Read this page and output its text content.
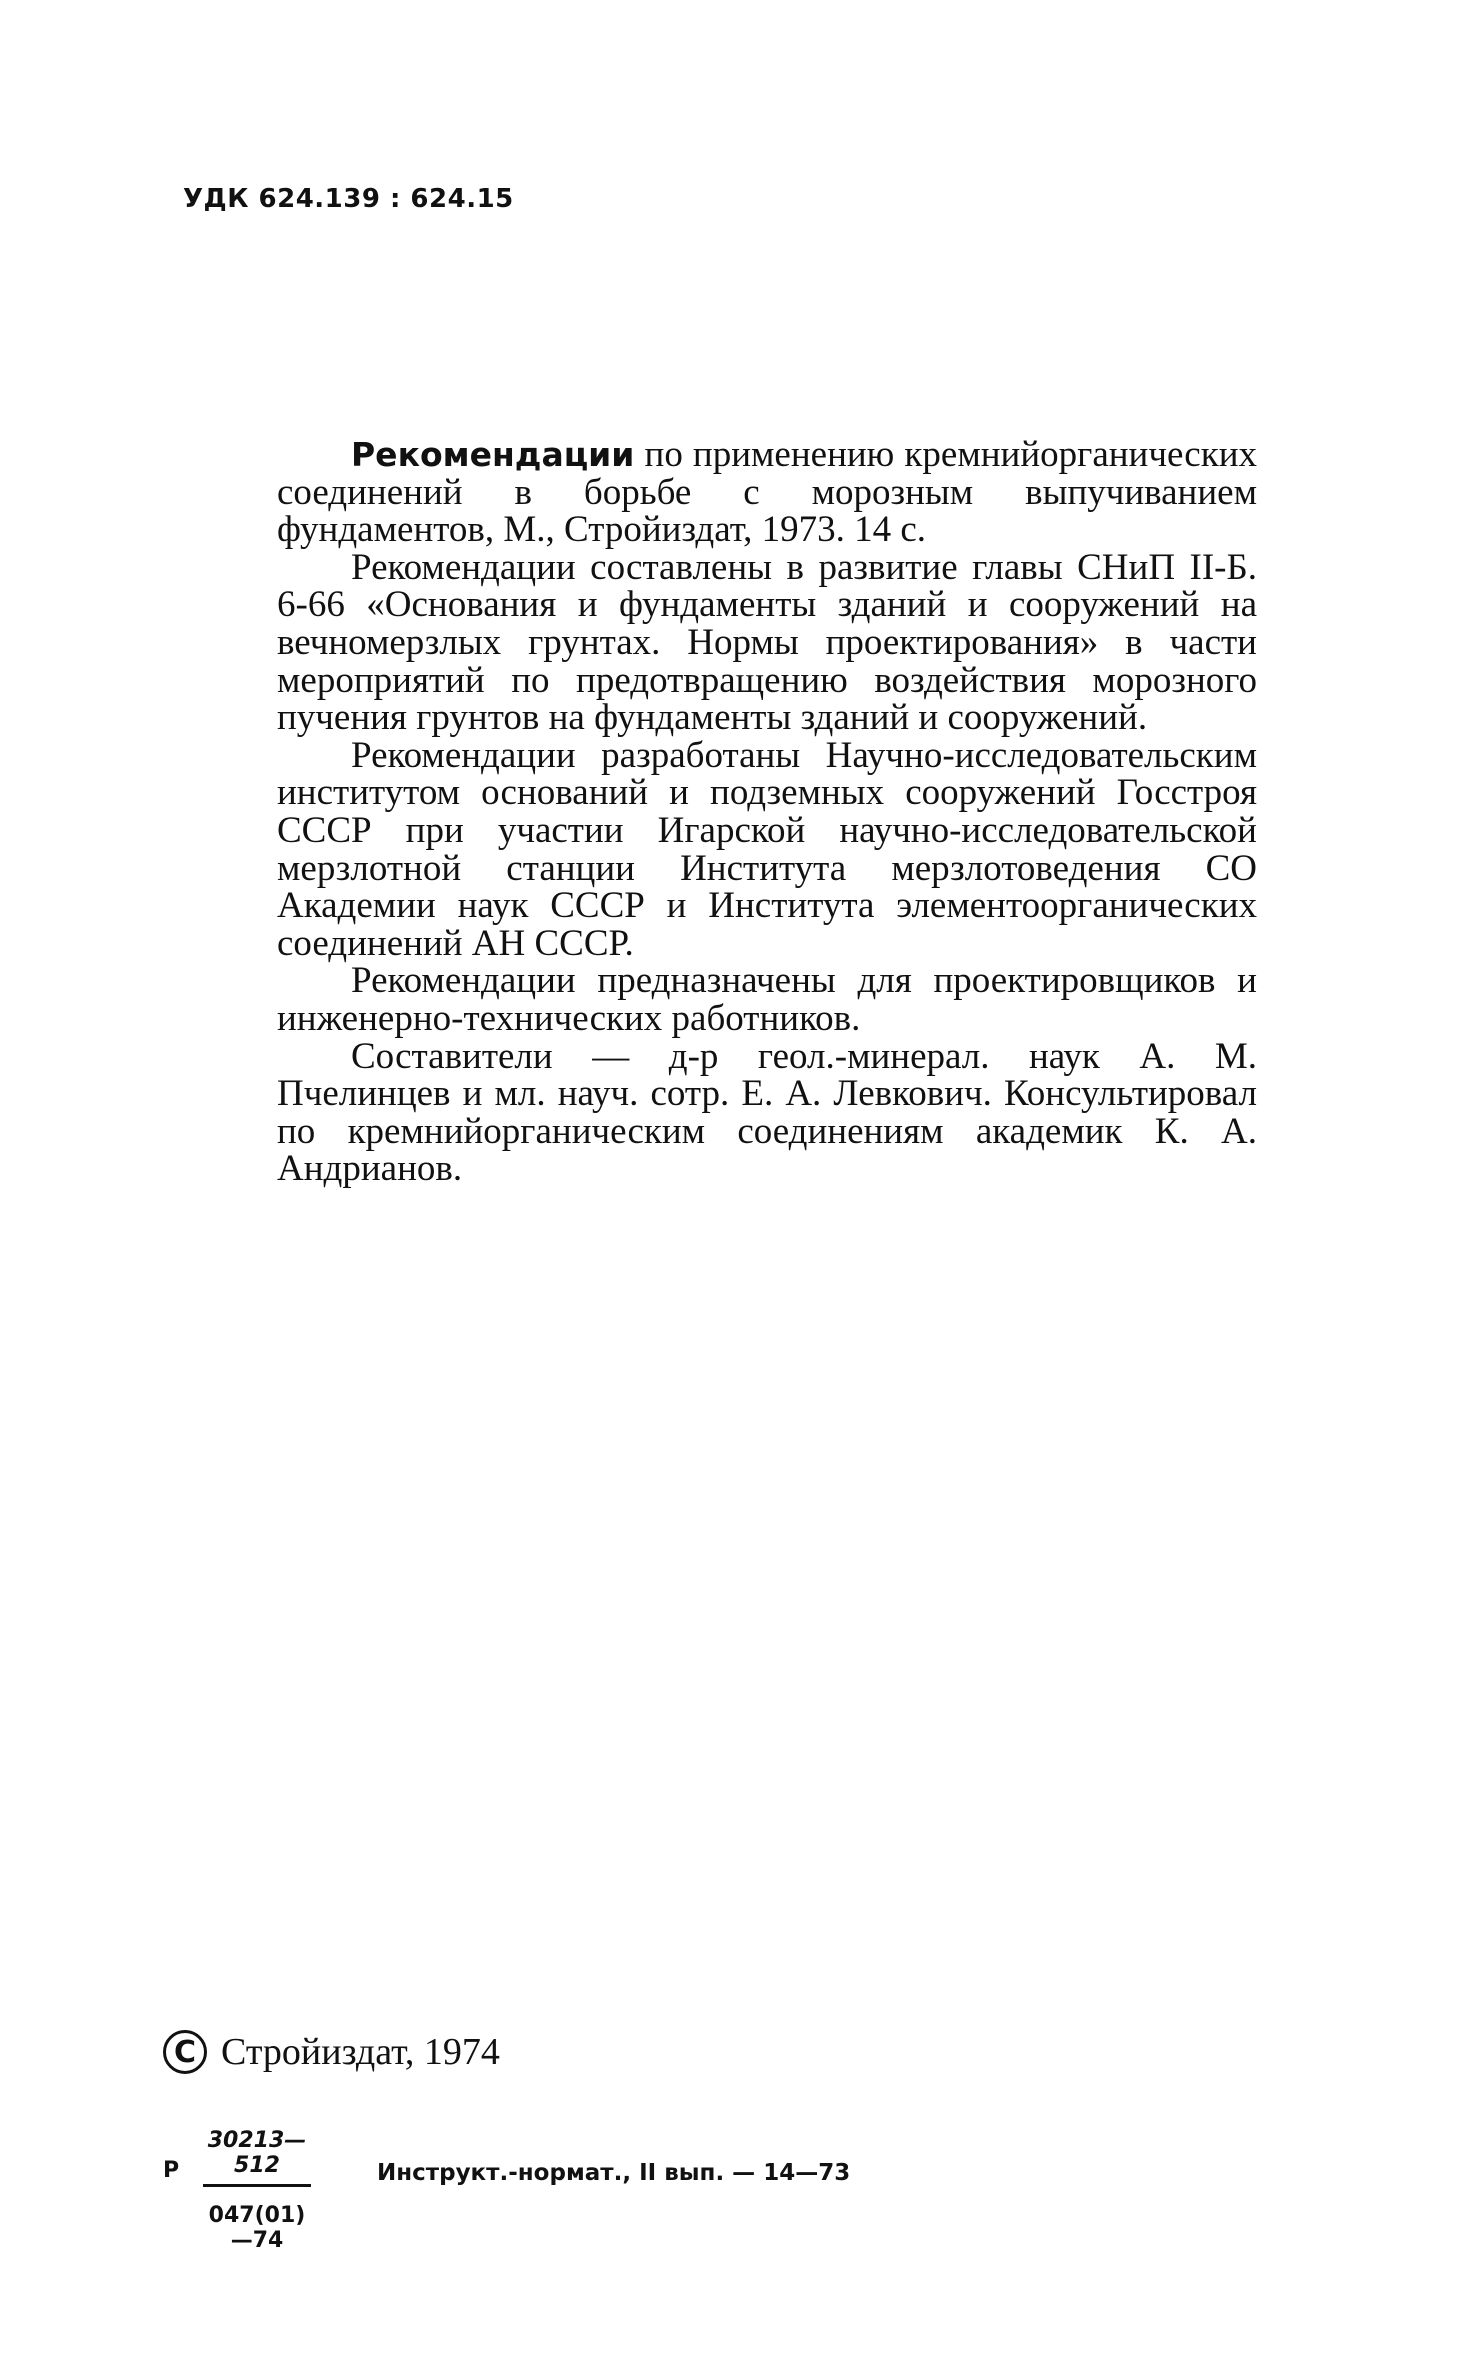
УДК 624.139 : 624.15

Рекомендации по применению кремнийорганических соединений в борьбе с морозным выпучиванием фундаментов, М., Стройиздат, 1973. 14 с.

Рекомендации составлены в развитие главы СНиП II-Б. 6-66 «Основания и фундаменты зданий и сооружений на вечномерзлых грунтах. Нормы проектирования» в части мероприятий по предотвращению воздействия морозного пучения грунтов на фундаменты зданий и сооружений.

Рекомендации разработаны Научно-исследовательским институтом оснований и подземных сооружений Госстроя СССР при участии Игарской научно-исследовательской мерзлотной станции Института мерзлотоведения СО Академии наук СССР и Института элементоорганических соединений АН СССР.

Рекомендации предназначены для проектировщиков и инженерно-технических работников.

Составители — д-р геол.-минерал. наук А. М. Пчелинцев и мл. науч. сотр. Е. А. Левкович. Консультировал по кремнийорганическим соединениям академик К. А. Андрианов.

C Стройиздат, 1974
Р
30213—512
047(01)—74
Инструкт.-нормат., II вып. — 14—73
